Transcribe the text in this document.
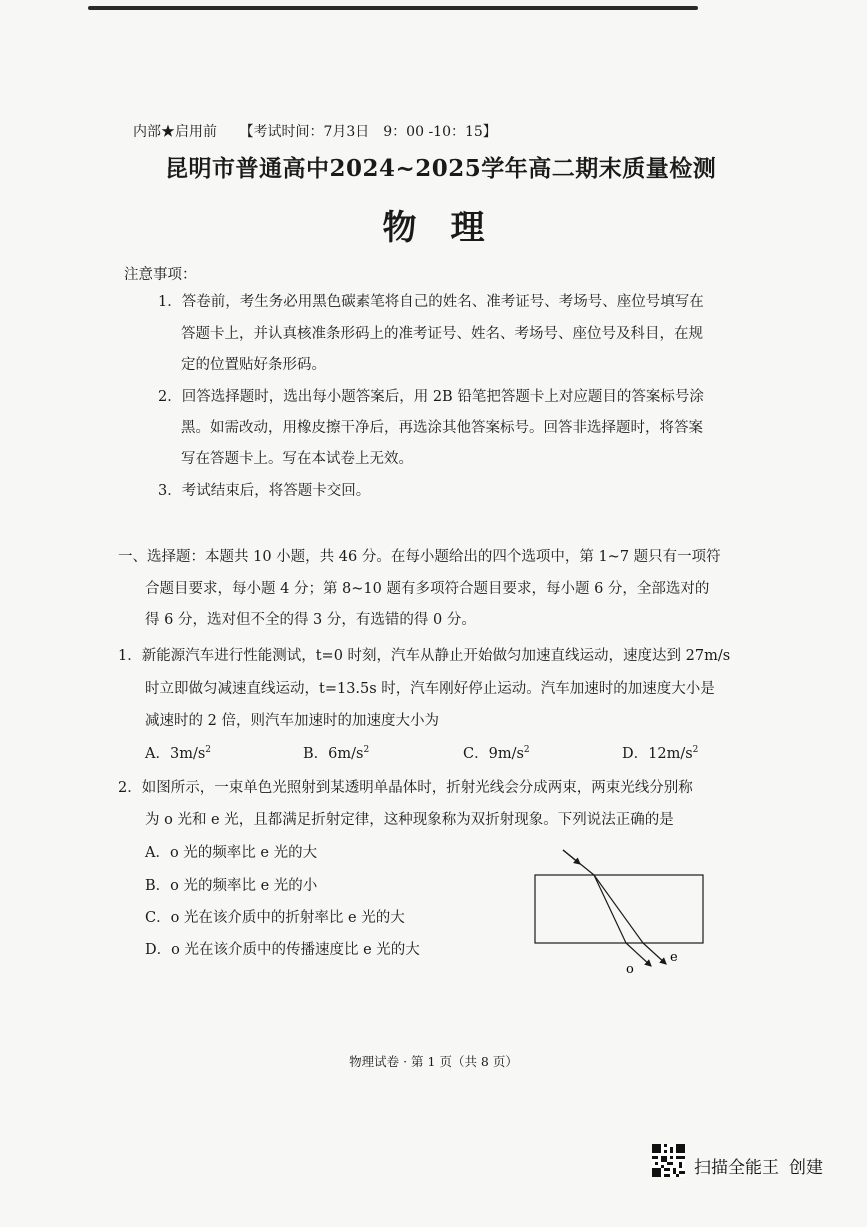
内部★启用前 【考试时间：7月3日　9：00 -10：15】
昆明市普通高中2024~2025学年高二期末质量检测
物理
注意事项：
1．答卷前，考生务必用黑色碳素笔将自己的姓名、准考证号、考场号、座位号填写在
答题卡上，并认真核准条形码上的准考证号、姓名、考场号、座位号及科目，在规
定的位置贴好条形码。
2．回答选择题时，选出每小题答案后，用 2B 铅笔把答题卡上对应题目的答案标号涂
黑。如需改动，用橡皮擦干净后，再选涂其他答案标号。回答非选择题时，将答案
写在答题卡上。写在本试卷上无效。
3．考试结束后，将答题卡交回。
一、选择题：本题共 10 小题，共 46 分。在每小题给出的四个选项中，第 1~7 题只有一项符
合题目要求，每小题 4 分；第 8~10 题有多项符合题目要求，每小题 6 分，全部选对的
得 6 分，选对但不全的得 3 分，有选错的得 0 分。
1．新能源汽车进行性能测试，t=0 时刻，汽车从静止开始做匀加速直线运动，速度达到 27m/s
时立即做匀减速直线运动，t=13.5s 时，汽车刚好停止运动。汽车加速时的加速度大小是
减速时的 2 倍，则汽车加速时的加速度大小为
A．$3m/s^2$	B．$6m/s^2$	C．$9m/s^2$	D．$12m/s^2$
2．如图所示，一束单色光照射到某透明单晶体时，折射光线会分成两束，两束光线分别称
为 o 光和 e 光，且都满足折射定律，这种现象称为双折射现象。下列说法正确的是
A．o 光的频率比 e 光的大
B．o 光的频率比 e 光的小
C．o 光在该介质中的折射率比 e 光的大
D．o 光在该介质中的传播速度比 e 光的大
o
e
物理试卷 · 第 1 页（共 8 页）
扫描全能王 创建
